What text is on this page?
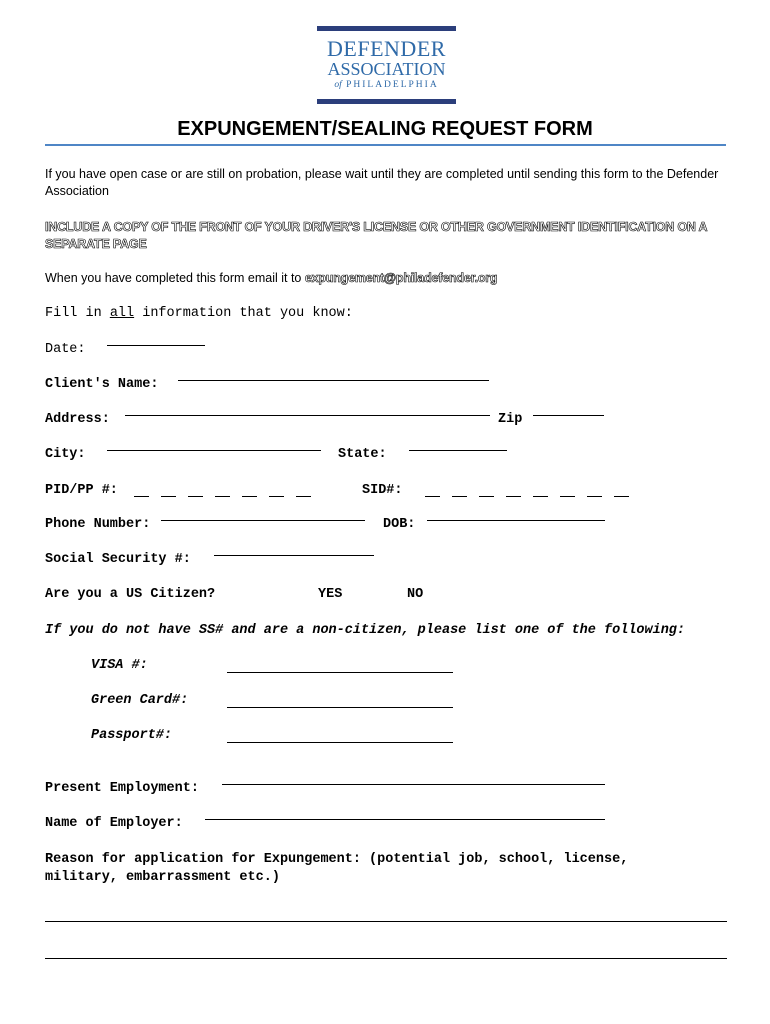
DEFENDER
ASSOCIATION
of PHILADELPHIA
EXPUNGEMENT/SEALING REQUEST FORM
If you have open case or are still on probation, please wait until they are completed until sending this form to the Defender Association
INCLUDE A COPY OF THE FRONT OF YOUR DRIVER'S LICENSE OR OTHER GOVERNMENT IDENTIFICATION ON A SEPARATE PAGE
When you have completed this form email it to expungement@philadefender.org
Fill in all information that you know:
Date:
Client's Name:
Address:	Zip
City:	State:
PID/PP #:	SID#:
Phone Number:	DOB:
Social Security #:
Are you a US Citizen?	YES	NO
If you do not have SS# and are a non-citizen, please list one of the following:
VISA #:
Green Card#:
Passport#:
Present Employment:
Name of Employer:
Reason for application for Expungement: (potential job, school, license, military, embarrassment etc.)
